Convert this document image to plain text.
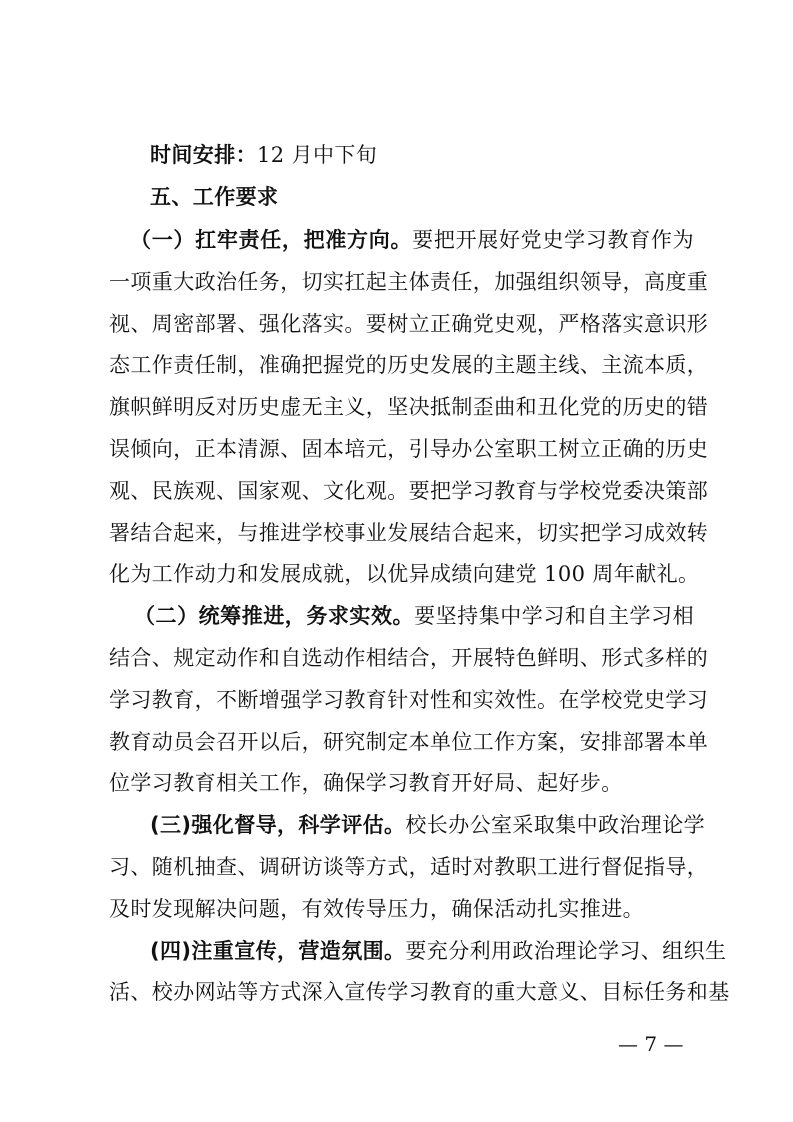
时间安排：12 月中下旬
五、工作要求
（一）扛牢责任，把准方向。要把开展好党史学习教育作为
一项重大政治任务，切实扛起主体责任，加强组织领导，高度重
视、周密部署、强化落实。要树立正确党史观，严格落实意识形
态工作责任制，准确把握党的历史发展的主题主线、主流本质，
旗帜鲜明反对历史虚无主义，坚决抵制歪曲和丑化党的历史的错
误倾向，正本清源、固本培元，引导办公室职工树立正确的历史
观、民族观、国家观、文化观。要把学习教育与学校党委决策部
署结合起来，与推进学校事业发展结合起来，切实把学习成效转
化为工作动力和发展成就，以优异成绩向建党 100 周年献礼。
（二）统筹推进，务求实效。要坚持集中学习和自主学习相
结合、规定动作和自选动作相结合，开展特色鲜明、形式多样的
学习教育，不断增强学习教育针对性和实效性。在学校党史学习
教育动员会召开以后，研究制定本单位工作方案，安排部署本单
位学习教育相关工作，确保学习教育开好局、起好步。
(三)强化督导，科学评估。校长办公室采取集中政治理论学
习、随机抽查、调研访谈等方式，适时对教职工进行督促指导，
及时发现解决问题，有效传导压力，确保活动扎实推进。
(四)注重宣传，营造氛围。要充分利用政治理论学习、组织生
活、校办网站等方式深入宣传学习教育的重大意义、目标任务和基
— 7 —
